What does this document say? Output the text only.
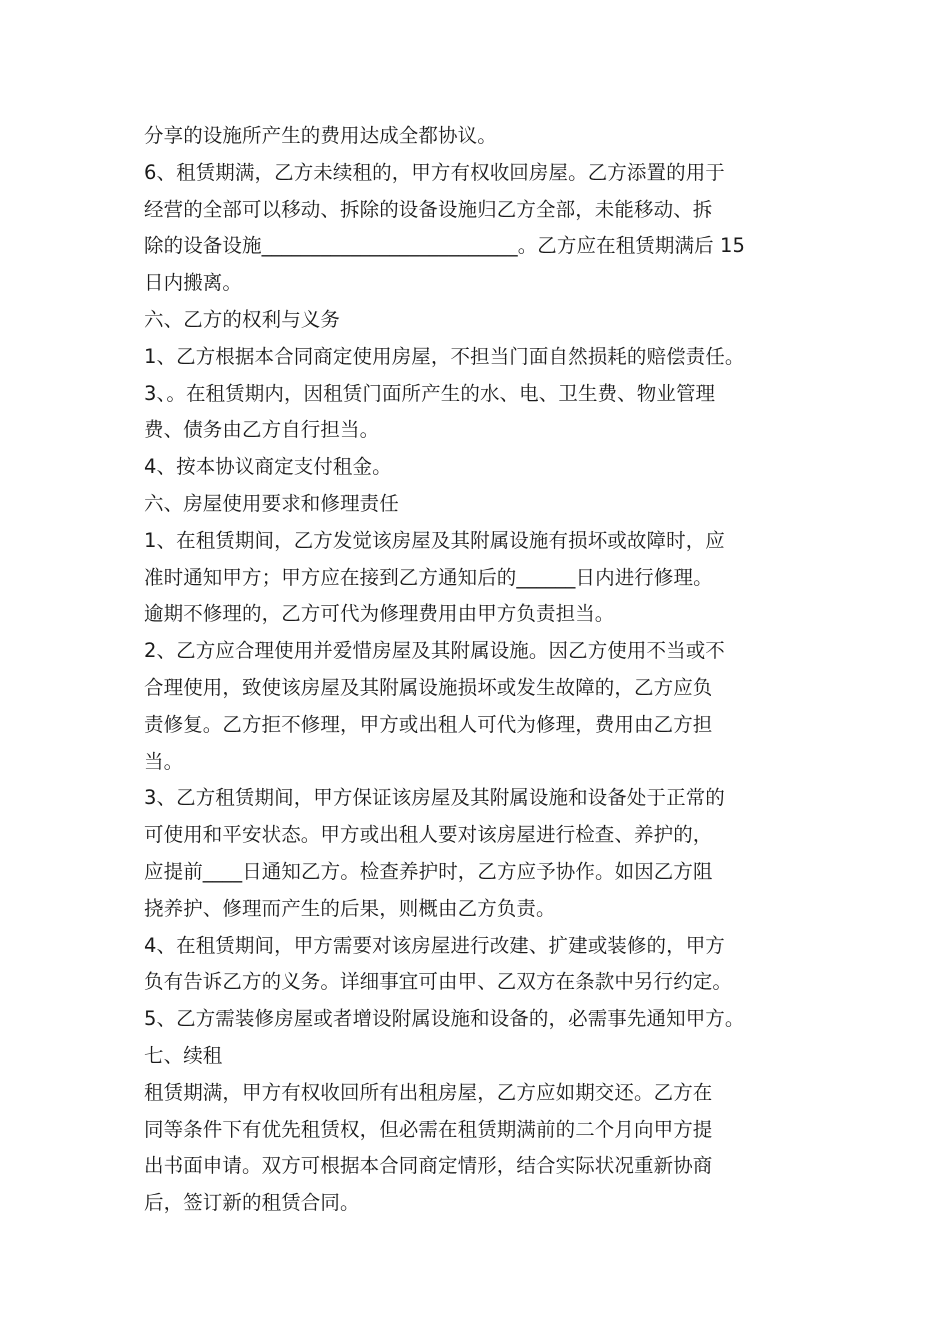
分享的设施所产生的费用达成全都协议。
6、租赁期满，乙方未续租的，甲方有权收回房屋。乙方添置的用于
经营的全部可以移动、拆除的设备设施归乙方全部，未能移动、拆
除的设备设施__________________________。乙方应在租赁期满后 15
日内搬离。
六、乙方的权利与义务
1、乙方根据本合同商定使用房屋，不担当门面自然损耗的赔偿责任。
3、。在租赁期内，因租赁门面所产生的水、电、卫生费、物业管理
费、债务由乙方自行担当。
4、按本协议商定支付租金。
六、房屋使用要求和修理责任
1、在租赁期间，乙方发觉该房屋及其附属设施有损坏或故障时，应
准时通知甲方；甲方应在接到乙方通知后的______日内进行修理。
逾期不修理的，乙方可代为修理费用由甲方负责担当。
2、乙方应合理使用并爱惜房屋及其附属设施。因乙方使用不当或不
合理使用，致使该房屋及其附属设施损坏或发生故障的，乙方应负
责修复。乙方拒不修理，甲方或出租人可代为修理，费用由乙方担
当。
3、乙方租赁期间，甲方保证该房屋及其附属设施和设备处于正常的
可使用和平安状态。甲方或出租人要对该房屋进行检查、养护的，
应提前____日通知乙方。检查养护时，乙方应予协作。如因乙方阻
挠养护、修理而产生的后果，则概由乙方负责。
4、在租赁期间，甲方需要对该房屋进行改建、扩建或装修的，甲方
负有告诉乙方的义务。详细事宜可由甲、乙双方在条款中另行约定。
5、乙方需装修房屋或者增设附属设施和设备的，必需事先通知甲方。
七、续租
租赁期满，甲方有权收回所有出租房屋，乙方应如期交还。乙方在
同等条件下有优先租赁权，但必需在租赁期满前的二个月向甲方提
出书面申请。双方可根据本合同商定情形，结合实际状况重新协商
后，签订新的租赁合同。
